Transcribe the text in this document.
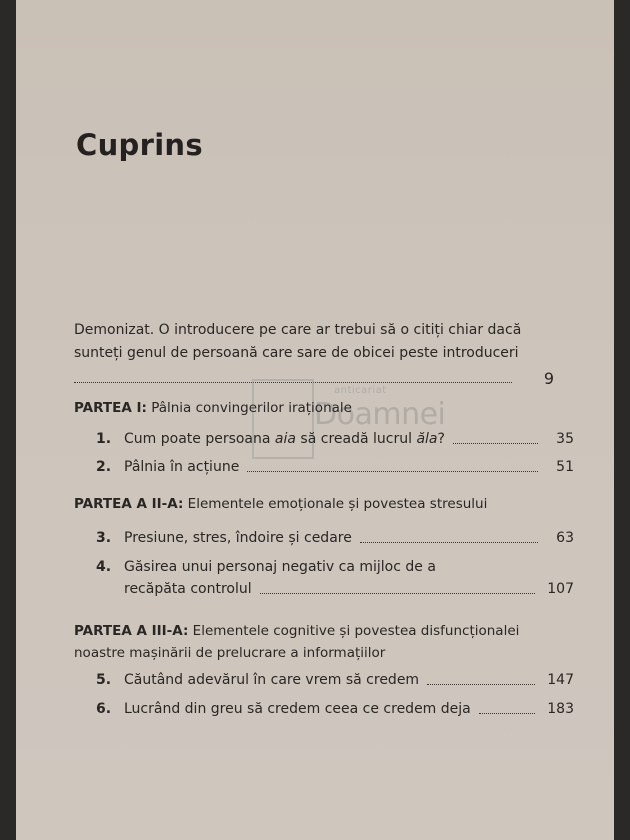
Cuprins
Demonizat. O introducere pe care ar trebui să o citiți chiar dacă
sunteți genul de persoană care sare de obicei peste introduceri
9
anticariat
Doamnei
PARTEA I: Pâlnia convingerilor iraționale
1. Cum poate persoana aia să creadă lucrul ăla?	35
2. Pâlnia în acțiune	51
PARTEA A II-A: Elementele emoționale și povestea stresului
3. Presiune, stres, îndoire și cedare	63
4. Găsirea unui personaj negativ ca mijloc de a
recăpăta controlul	107
PARTEA A III-A: Elementele cognitive și povestea disfuncționalei
noastre mașinării de prelucrare a informațiilor
5. Căutând adevărul în care vrem să credem	147
6. Lucrând din greu să credem ceea ce credem deja	183
